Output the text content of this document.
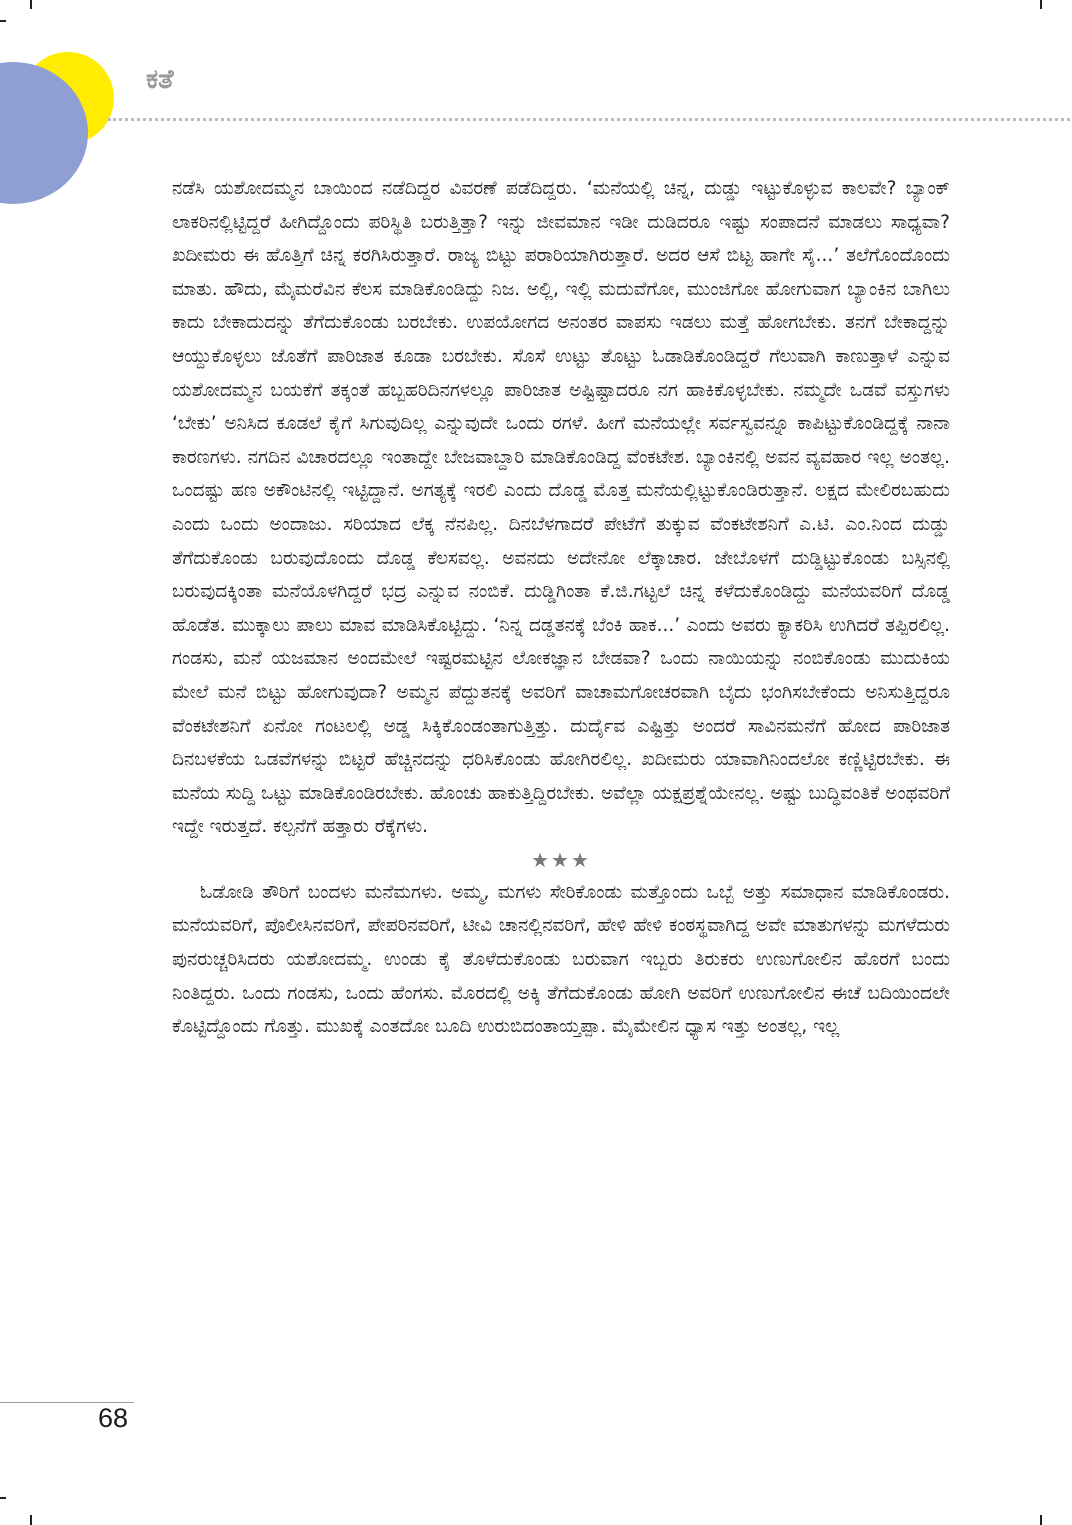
ಕತೆ

ನಡೆಸಿ ಯಶೋದಮ್ಮನ ಬಾಯಿಂದ ನಡೆದಿದ್ದರ ವಿವರಣೆ ಪಡೆದಿದ್ದರು. ‘ಮನೆಯಲ್ಲಿ ಚಿನ್ನ, ದುಡ್ಡು ಇಟ್ಟುಕೊಳ್ಳುವ ಕಾಲವೇ? ಬ್ಯಾಂಕ್ ಲಾಕರಿನಲ್ಲಿಟ್ಟಿದ್ದರೆ ಹೀಗಿದ್ದೊಂದು ಪರಿಸ್ಥಿತಿ ಬರುತ್ತಿತ್ತಾ? ಇನ್ನು ಜೀವಮಾನ ಇಡೀ ದುಡಿದರೂ ಇಷ್ಟು ಸಂಪಾದನೆ ಮಾಡಲು ಸಾಧ್ಯವಾ? ಖದೀಮರು ಈ ಹೊತ್ತಿಗೆ ಚಿನ್ನ ಕರಗಿಸಿರುತ್ತಾರೆ. ರಾಜ್ಯ ಬಿಟ್ಟು ಪರಾರಿಯಾಗಿರುತ್ತಾರೆ. ಅದರ ಆಸೆ ಬಿಟ್ಟ ಹಾಗೇ ಸೈ...’ ತಲೆಗೊಂದೊಂದು ಮಾತು. ಹೌದು, ಮೈಮರೆವಿನ ಕೆಲಸ ಮಾಡಿಕೊಂಡಿದ್ದು ನಿಜ. ಅಲ್ಲಿ, ಇಲ್ಲಿ ಮದುವೆಗೋ, ಮುಂಜಿಗೋ ಹೋಗುವಾಗ ಬ್ಯಾಂಕಿನ ಬಾಗಿಲು ಕಾದು ಬೇಕಾದುದನ್ನು ತೆಗೆದುಕೊಂಡು ಬರಬೇಕು. ಉಪಯೋಗದ ಅನಂತರ ವಾಪಸು ಇಡಲು ಮತ್ತೆ ಹೋಗಬೇಕು. ತನಗೆ ಬೇಕಾದ್ದನ್ನು ಆಯ್ದುಕೊಳ್ಳಲು ಜೊತೆಗೆ ಪಾರಿಜಾತ ಕೂಡಾ ಬರಬೇಕು. ಸೊಸೆ ಉಟ್ಟು ತೊಟ್ಟು ಓಡಾಡಿಕೊಂಡಿದ್ದರೆ ಗೆಲುವಾಗಿ ಕಾಣುತ್ತಾಳೆ ಎನ್ನುವ ಯಶೋದಮ್ಮನ ಬಯಕೆಗೆ ತಕ್ಕಂತೆ ಹಬ್ಬಹರಿದಿನಗಳಲ್ಲೂ ಪಾರಿಜಾತ ಅಷ್ಟಿಷ್ಟಾದರೂ ನಗ ಹಾಕಿಕೊಳ್ಳಬೇಕು. ನಮ್ಮದೇ ಒಡವೆ ವಸ್ತುಗಳು ‘ಬೇಕು’ ಅನಿಸಿದ ಕೂಡಲೆ ಕೈಗೆ ಸಿಗುವುದಿಲ್ಲ ಎನ್ನುವುದೇ ಒಂದು ರಗಳೆ. ಹೀಗೆ ಮನೆಯಲ್ಲೇ ಸರ್ವಸ್ವವನ್ನೂ ಕಾಪಿಟ್ಟುಕೊಂಡಿದ್ದಕ್ಕೆ ನಾನಾ ಕಾರಣಗಳು. ನಗದಿನ ವಿಚಾರದಲ್ಲೂ ಇಂತಾದ್ದೇ ಬೇಜವಾಬ್ದಾರಿ ಮಾಡಿಕೊಂಡಿದ್ದ ವೆಂಕಟೇಶ. ಬ್ಯಾಂಕಿನಲ್ಲಿ ಅವನ ವ್ಯವಹಾರ ಇಲ್ಲ ಅಂತಲ್ಲ. ಒಂದಷ್ಟು ಹಣ ಅಕೌಂಟಿನಲ್ಲಿ ಇಟ್ಟಿದ್ದಾನೆ. ಅಗತ್ಯಕ್ಕೆ ಇರಲಿ ಎಂದು ದೊಡ್ಡ ಮೊತ್ತ ಮನೆಯಲ್ಲಿಟ್ಟುಕೊಂಡಿರುತ್ತಾನೆ. ಲಕ್ಷದ ಮೇಲಿರಬಹುದು ಎಂದು ಒಂದು ಅಂದಾಜು. ಸರಿಯಾದ ಲೆಕ್ಕ ನೆನಪಿಲ್ಲ. ದಿನಬೆಳಗಾದರೆ ಪೇಟೆಗೆ ತುಕ್ಕುವ ವೆಂಕಟೇಶನಿಗೆ ಎ.ಟಿ. ಎಂ.ನಿಂದ ದುಡ್ಡು ತೆಗೆದುಕೊಂಡು ಬರುವುದೊಂದು ದೊಡ್ಡ ಕೆಲಸವಲ್ಲ. ಅವನದು ಅದೇನೋ ಲೆಕ್ಕಾಚಾರ. ಜೇಬೊಳಗೆ ದುಡ್ಡಿಟ್ಟುಕೊಂಡು ಬಸ್ಸಿನಲ್ಲಿ ಬರುವುದಕ್ಕಿಂತಾ ಮನೆಯೊಳಗಿದ್ದರೆ ಭದ್ರ ಎನ್ನುವ ನಂಬಿಕೆ. ದುಡ್ಡಿಗಿಂತಾ ಕೆ.ಜಿ.ಗಟ್ಟಲೆ ಚಿನ್ನ ಕಳೆದುಕೊಂಡಿದ್ದು ಮನೆಯವರಿಗೆ ದೊಡ್ಡ ಹೊಡೆತ. ಮುಕ್ಕಾಲು ಪಾಲು ಮಾವ ಮಾಡಿಸಿಕೊಟ್ಟಿದ್ದು. ‘ನಿನ್ನ ದಡ್ಡತನಕ್ಕೆ ಬೆಂಕಿ ಹಾಕ...’ ಎಂದು ಅವರು ಕ್ಯಾಕರಿಸಿ ಉಗಿದರೆ ತಪ್ಪಿರಲಿಲ್ಲ. ಗಂಡಸು, ಮನೆ ಯಜಮಾನ ಅಂದಮೇಲೆ ಇಷ್ಟರಮಟ್ಟಿನ ಲೋಕಜ್ಞಾನ ಬೇಡವಾ? ಒಂದು ನಾಯಿಯನ್ನು ನಂಬಿಕೊಂಡು ಮುದುಕಿಯ ಮೇಲೆ ಮನೆ ಬಿಟ್ಟು ಹೋಗುವುದಾ? ಅಮ್ಮನ ಪೆದ್ದುತನಕ್ಕೆ ಅವರಿಗೆ ವಾಚಾಮಗೋಚರವಾಗಿ ಬೈದು ಭಂಗಿಸಬೇಕೆಂದು ಅನಿಸುತ್ತಿದ್ದರೂ ವೆಂಕಟೇಶನಿಗೆ ಏನೋ ಗಂಟಲಲ್ಲಿ ಅಡ್ಡ ಸಿಕ್ಕಿಕೊಂಡಂತಾಗುತ್ತಿತ್ತು. ದುರ್ದೈವ ಎಷ್ಟಿತ್ತು ಅಂದರೆ ಸಾವಿನಮನೆಗೆ ಹೋದ ಪಾರಿಜಾತ ದಿನಬಳಕೆಯ ಒಡವೆಗಳನ್ನು ಬಿಟ್ಟರೆ ಹೆಚ್ಚಿನದನ್ನು ಧರಿಸಿಕೊಂಡು ಹೋಗಿರಲಿಲ್ಲ. ಖದೀಮರು ಯಾವಾಗಿನಿಂದಲೋ ಕಣ್ಣಿಟ್ಟಿರಬೇಕು. ಈ ಮನೆಯ ಸುದ್ದಿ ಒಟ್ಟು ಮಾಡಿಕೊಂಡಿರಬೇಕು. ಹೊಂಚು ಹಾಕುತ್ತಿದ್ದಿರಬೇಕು. ಅವೆಲ್ಲಾ ಯಕ್ಷಪ್ರಶ್ನೆಯೇನಲ್ಲ. ಅಷ್ಟು ಬುದ್ಧಿವಂತಿಕೆ ಅಂಥವರಿಗೆ ಇದ್ದೇ ಇರುತ್ತದೆ. ಕಲ್ಪನೆಗೆ ಹತ್ತಾರು ರೆಕ್ಕೆಗಳು.

★★★

ಓಡೋಡಿ ತೌರಿಗೆ ಬಂದಳು ಮನೆಮಗಳು. ಅಮ್ಮ, ಮಗಳು ಸೇರಿಕೊಂಡು ಮತ್ತೊಂದು ಒಬ್ಬೆ ಅತ್ತು ಸಮಾಧಾನ ಮಾಡಿಕೊಂಡರು. ಮನೆಯವರಿಗೆ, ಪೊಲೀಸಿನವರಿಗೆ, ಪೇಪರಿನವರಿಗೆ, ಟೀವಿ ಚಾನಲ್ಲಿನವರಿಗೆ, ಹೇಳಿ ಹೇಳಿ ಕಂಠಸ್ಥವಾಗಿದ್ದ ಅವೇ ಮಾತುಗಳನ್ನು ಮಗಳೆದುರು ಪುನರುಚ್ಚರಿಸಿದರು ಯಶೋದಮ್ಮ. ಉಂಡು ಕೈ ತೊಳೆದುಕೊಂಡು ಬರುವಾಗ ಇಬ್ಬರು ತಿರುಕರು ಉಣುಗೋಲಿನ ಹೊರಗೆ ಬಂದು ನಿಂತಿದ್ದರು. ಒಂದು ಗಂಡಸು, ಒಂದು ಹೆಂಗಸು. ಮೊರದಲ್ಲಿ ಅಕ್ಕಿ ತೆಗೆದುಕೊಂಡು ಹೋಗಿ ಅವರಿಗೆ ಉಣುಗೋಲಿನ ಈಚೆ ಬದಿಯಿಂದಲೇ ಕೊಟ್ಟಿದ್ದೊಂದು ಗೊತ್ತು. ಮುಖಕ್ಕೆ ಎಂತದೋ ಬೂದಿ ಉರುಬಿದಂತಾಯ್ತಪ್ಪಾ. ಮೈಮೇಲಿನ ಧ್ಯಾಸ ಇತ್ತು ಅಂತಲ್ಲ, ಇಲ್ಲ

68
